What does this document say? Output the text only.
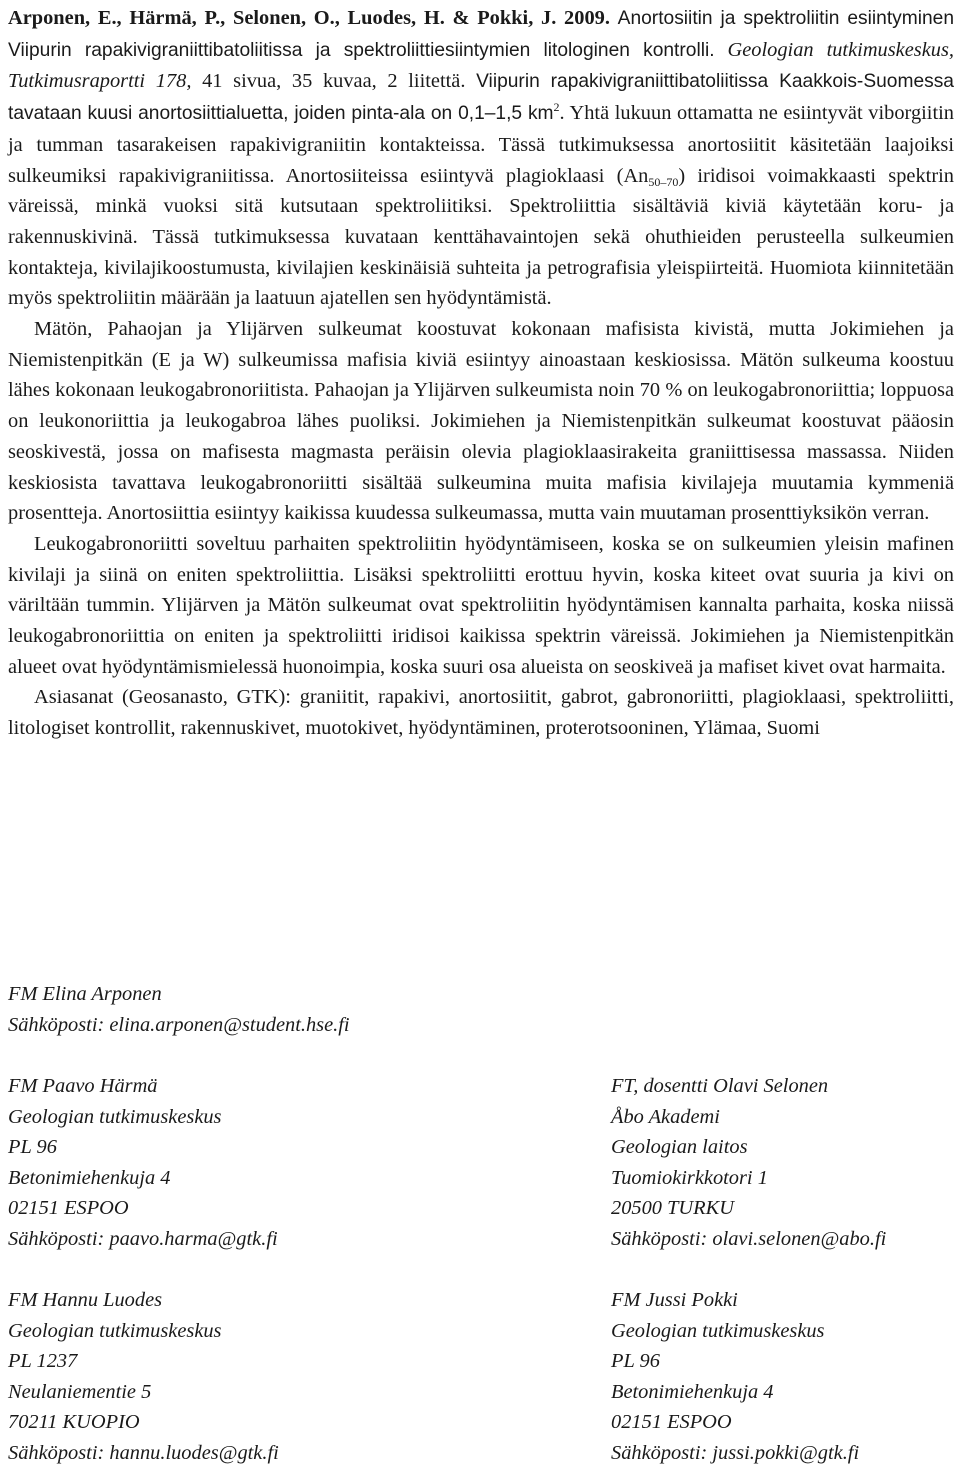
Arponen, E., Härmä, P., Selonen, O., Luodes, H. & Pokki, J. 2009. Anortosiitin ja spektroliitin esiintyminen Viipurin rapakivigraniittibatoliitissa ja spektroliittiesiintymien litologinen kontrolli. Geologian tutkimuskeskus, Tutkimusraportti 178, 41 sivua, 35 kuvaa, 2 liitettä. Viipurin rapakivigraniittibatoliitissa Kaakkois-Suomessa tavataan kuusi anortosiittialuetta, joiden pinta-ala on 0,1–1,5 $km^2$. Yhtä lukuun ottamatta ne esiintyvät viborgiitin ja tumman tasarakeisen rapakivigraniitin kontakteissa. Tässä tutkimuksessa anortosiitit käsitetään laajoiksi sulkeumiksi rapakivigraniitissa. Anortosiiteissa esiintyvä plagioklaasi $(An_{50-70})$ iridisoi voimakkaasti spektrin väreissä, minkä vuoksi sitä kutsutaan spektroliitiksi. Spektroliittia sisältäviä kiviä käytetään koru- ja rakennuskivinä. Tässä tutkimuksessa kuvataan kenttähavaintojen sekä ohuthieiden perusteella sulkeumien kontakteja, kivilajikoostumusta, kivilajien keskinäisiä suhteita ja petrografisia yleispiirteitä. Huomiota kiinnitetään myös spektroliitin määrään ja laatuun ajatellen sen hyödyntämistä.

Mätön, Pahaojan ja Ylijärven sulkeumat koostuvat kokonaan mafisista kivistä, mutta Jokimiehen ja Niemistenpitkän (E ja W) sulkeumissa mafisia kiviä esiintyy ainoastaan keskiosissa. Mätön sulkeuma koostuu lähes kokonaan leukogabronoriitista. Pahaojan ja Ylijärven sulkeumista noin 70 % on leukogabronoriittia; loppuosa on leukonoriittia ja leukogabroa lähes puoliksi. Jokimiehen ja Niemistenpitkän sulkeumat koostuvat pääosin seoskivestä, jossa on mafisesta magmasta peräisin olevia plagioklaasirakeita graniittisessa massassa. Niiden keskiosista tavattava leukogabronoriitti sisältää sulkeumina muita mafisia kivilajeja muutamia kymmeniä prosentteja. Anortosiittia esiintyy kaikissa kuudessa sulkeumassa, mutta vain muutaman prosenttiyksikön verran.

Leukogabronoriitti soveltuu parhaiten spektroliitin hyödyntämiseen, koska se on sulkeumien yleisin mafinen kivilaji ja siinä on eniten spektroliittia. Lisäksi spektroliitti erottuu hyvin, koska kiteet ovat suuria ja kivi on väriltään tummin. Ylijärven ja Mätön sulkeumat ovat spektroliitin hyödyntämisen kannalta parhaita, koska niissä leukogabronoriittia on eniten ja spektroliitti iridisoi kaikissa spektrin väreissä. Jokimiehen ja Niemistenpitkän alueet ovat hyödyntämismielessä huonoimpia, koska suuri osa alueista on seoskiveä ja mafiset kivet ovat harmaita.

Asiasanat (Geosanasto, GTK): graniitit, rapakivi, anortosiitit, gabrot, gabronoriitti, plagioklaasi, spektroliitti, litologiset kontrollit, rakennuskivet, muotokivet, hyödyntäminen, proterotsooninen, Ylämaa, Suomi

FM Elina Arponen
Sähköposti: elina.arponen@student.hse.fi
FM Paavo Härmä
Geologian tutkimuskeskus
PL 96
Betonimiehenkuja 4
02151 ESPOO
Sähköposti: paavo.harma@gtk.fi
FT, dosentti Olavi Selonen
Åbo Akademi
Geologian laitos
Tuomiokirkkotori 1
20500 TURKU
Sähköposti: olavi.selonen@abo.fi
FM Hannu Luodes
Geologian tutkimuskeskus
PL 1237
Neulaniementie 5
70211 KUOPIO
Sähköposti: hannu.luodes@gtk.fi
FM Jussi Pokki
Geologian tutkimuskeskus
PL 96
Betonimiehenkuja 4
02151 ESPOO
Sähköposti: jussi.pokki@gtk.fi
